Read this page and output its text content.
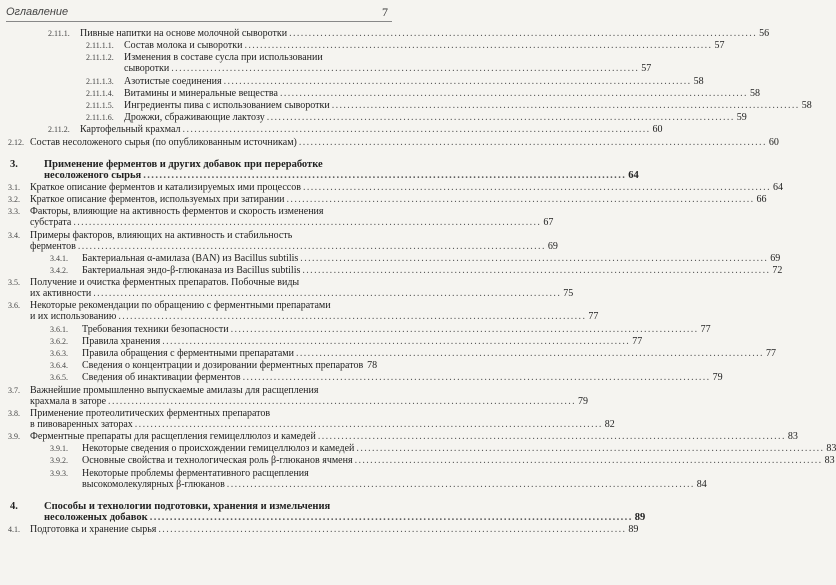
Оглавление	7
2.11.1. Пивные напитки на основе молочной сыворотки ........................................................................................................................ 56
2.11.1.1. Состав молока и сыворотки ........................................................................................................................ 57
2.11.1.2. Изменения в составе сусла при использовании
сыворотки ........................................................................................................................ 57
2.11.1.3. Азотистые соединения ........................................................................................................................ 58
2.11.1.4. Витамины и минеральные вещества ........................................................................................................................ 58
2.11.1.5. Ингредиенты пива с использованием сыворотки ........................................................................................................................ 58
2.11.1.6. Дрожжи, сбраживающие лактозу ........................................................................................................................ 59
2.11.2. Картофельный крахмал ........................................................................................................................ 60
2.12. Состав несоложеного сырья (по опубликованным источникам) ........................................................................................................................ 60
3. Применение ферментов и других добавок при переработке
несоложеного сырья ........................................................................................................................ 64
3.1. Краткое описание ферментов и катализируемых ими процессов ........................................................................................................................ 64
3.2. Краткое описание ферментов, используемых при затирании ........................................................................................................................ 66
3.3. Факторы, влияющие на активность ферментов и скорость изменения
субстрата ........................................................................................................................ 67
3.4. Примеры факторов, влияющих на активность и стабильность
ферментов ........................................................................................................................ 69
3.4.1. Бактериальная α-амилаза (BAN) из Bacillus subtilis ........................................................................................................................ 69
3.4.2. Бактериальная эндо-β-глюканаза из Bacillus subtilis ........................................................................................................................ 72
3.5. Получение и очистка ферментных препаратов. Побочные виды
их активности ........................................................................................................................ 75
3.6. Некоторые рекомендации по обращению с ферментными препаратами
и их использованию ........................................................................................................................ 77
3.6.1. Требования техники безопасности ........................................................................................................................ 77
3.6.2. Правила хранения ........................................................................................................................ 77
3.6.3. Правила обращения с ферментными препаратами ........................................................................................................................ 77
3.6.4. Сведения о концентрации и дозировании ферментных препаратов 78
3.6.5. Сведения об инактивации ферментов ........................................................................................................................ 79
3.7. Важнейшие промышленно выпускаемые амилазы для расщепления
крахмала в заторе ........................................................................................................................ 79
3.8. Применение протеолитических ферментных препаратов
в пивоваренных заторах ........................................................................................................................ 82
3.9. Ферментные препараты для расщепления гемицеллюлоз и камедей ........................................................................................................................ 83
3.9.1. Некоторые сведения о происхождении гемицеллюлоз и камедей ........................................................................................................................ 83
3.9.2. Основные свойства и технологическая роль β-глюканов ячменя ........................................................................................................................ 83
3.9.3. Некоторые проблемы ферментативного расщепления
высокомолекулярных β-глюканов ........................................................................................................................ 84
4. Способы и технологии подготовки, хранения и измельчения
несоложеных добавок ........................................................................................................................ 89
4.1. Подготовка и хранение сырья ........................................................................................................................ 89
